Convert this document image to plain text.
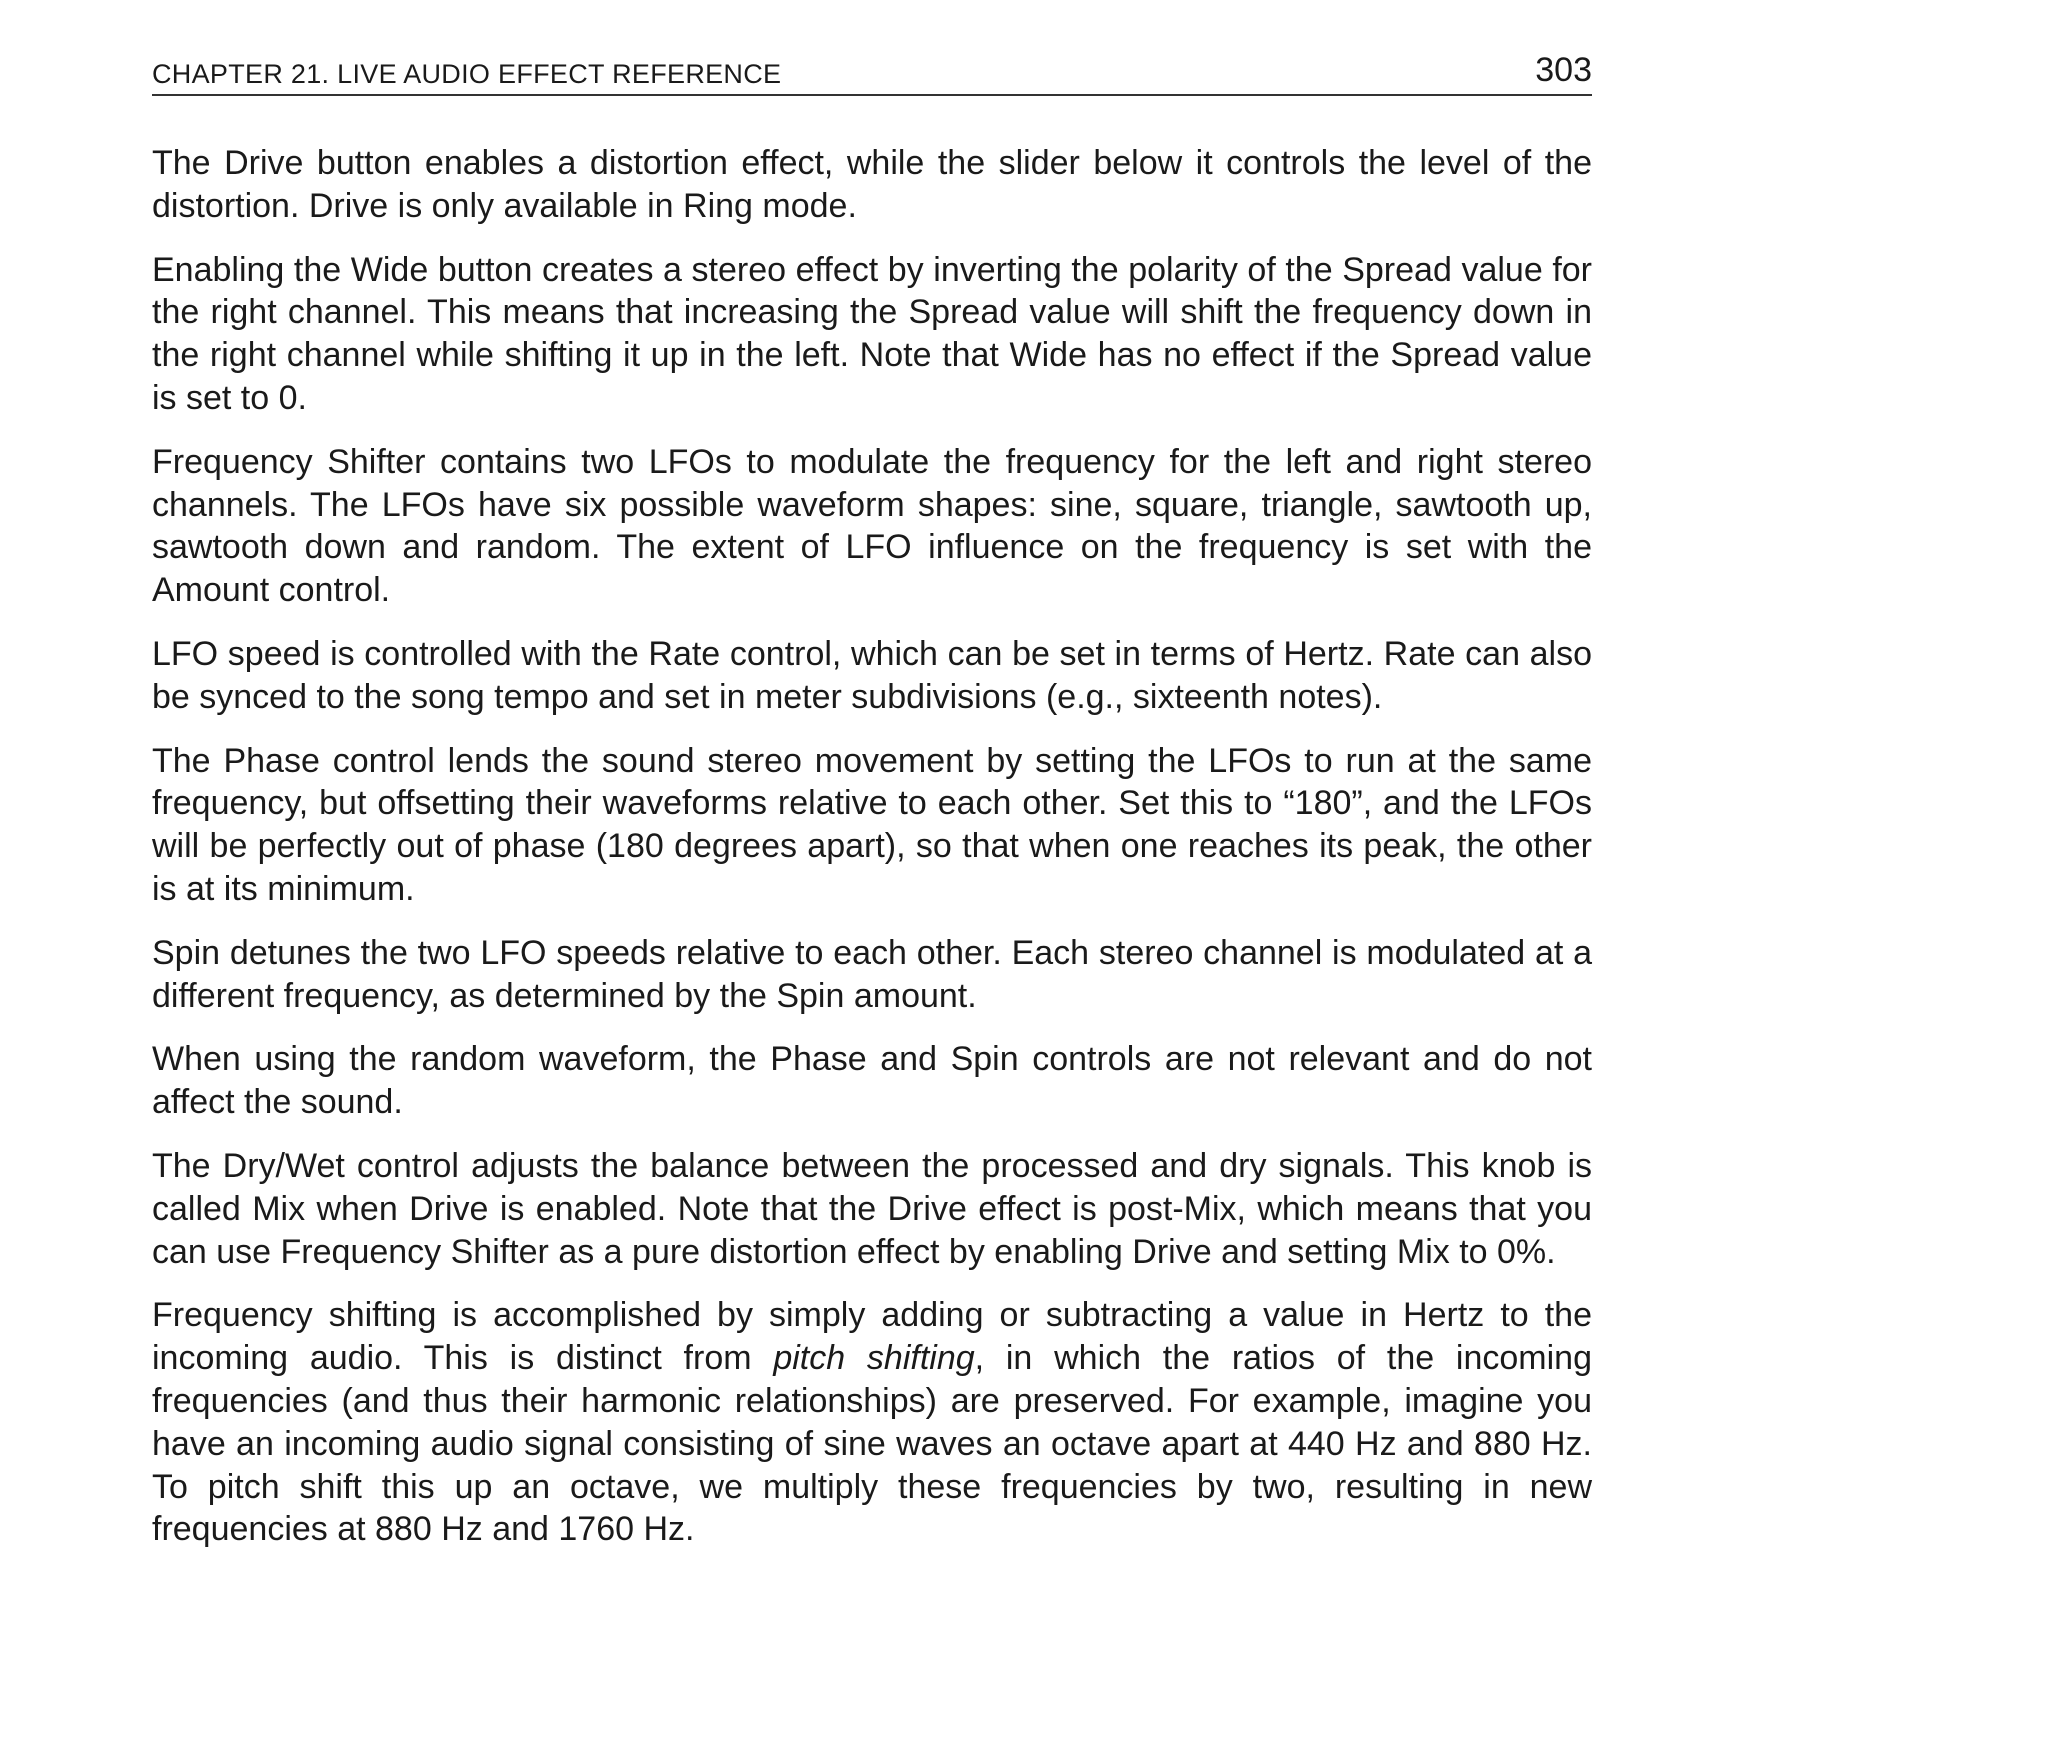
CHAPTER 21. LIVE AUDIO EFFECT REFERENCE	303

The Drive button enables a distortion effect, while the slider below it controls the level of the distortion. Drive is only available in Ring mode.

Enabling the Wide button creates a stereo effect by inverting the polarity of the Spread value for the right channel. This means that increasing the Spread value will shift the frequency down in the right channel while shifting it up in the left. Note that Wide has no effect if the Spread value is set to 0.

Frequency Shifter contains two LFOs to modulate the frequency for the left and right stereo channels. The LFOs have six possible waveform shapes: sine, square, triangle, sawtooth up, sawtooth down and random. The extent of LFO influence on the frequency is set with the Amount control.

LFO speed is controlled with the Rate control, which can be set in terms of Hertz. Rate can also be synced to the song tempo and set in meter subdivisions (e.g., sixteenth notes).

The Phase control lends the sound stereo movement by setting the LFOs to run at the same frequency, but offsetting their waveforms relative to each other. Set this to “180”, and the LFOs will be perfectly out of phase (180 degrees apart), so that when one reaches its peak, the other is at its minimum.

Spin detunes the two LFO speeds relative to each other. Each stereo channel is modulated at a different frequency, as determined by the Spin amount.

When using the random waveform, the Phase and Spin controls are not relevant and do not affect the sound.

The Dry/Wet control adjusts the balance between the processed and dry signals. This knob is called Mix when Drive is enabled. Note that the Drive effect is post-Mix, which means that you can use Frequency Shifter as a pure distortion effect by enabling Drive and setting Mix to 0%.

Frequency shifting is accomplished by simply adding or subtracting a value in Hertz to the incoming audio. This is distinct from pitch shifting, in which the ratios of the incoming frequencies (and thus their harmonic relationships) are preserved. For example, imagine you have an incoming audio signal consisting of sine waves an octave apart at 440 Hz and 880 Hz. To pitch shift this up an octave, we multiply these frequencies by two, resulting in new frequencies at 880 Hz and 1760 Hz.
